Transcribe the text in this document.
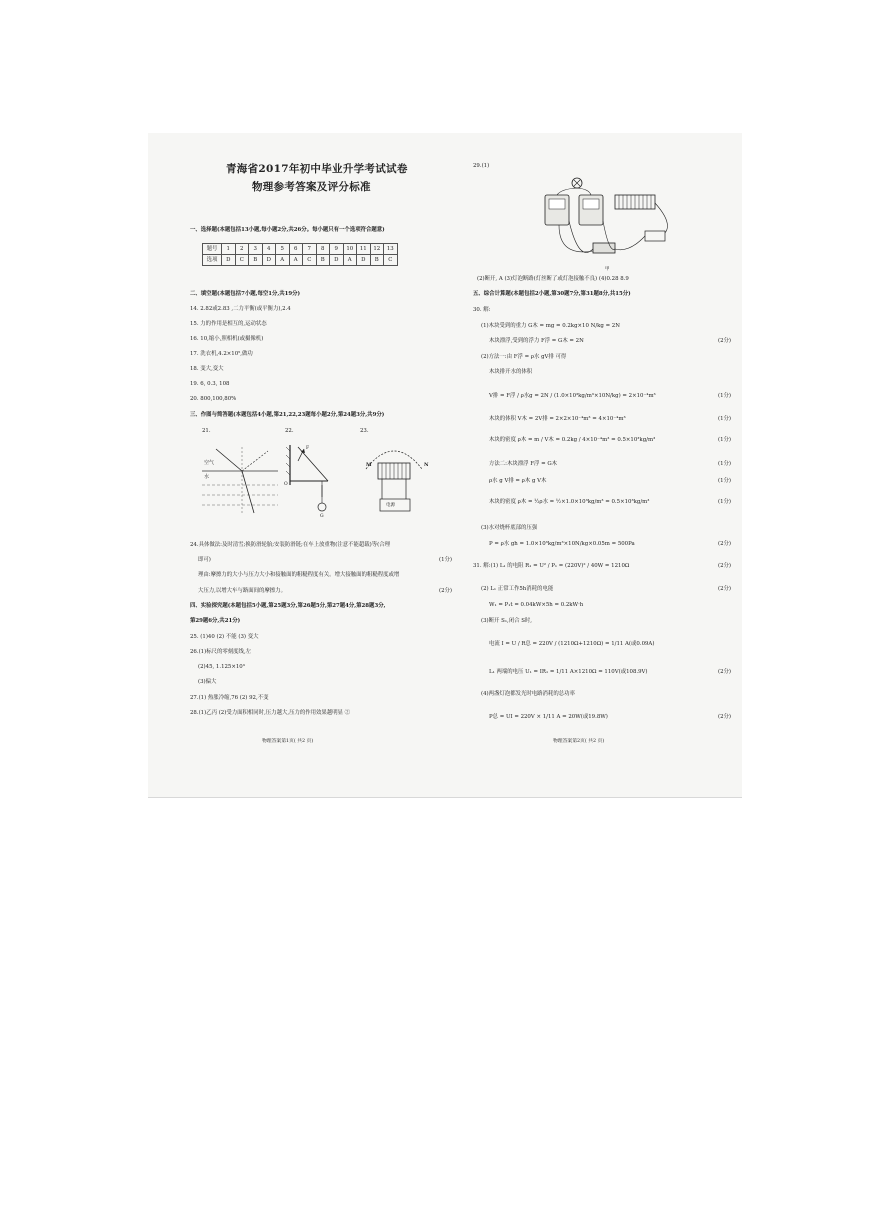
青海省2017年初中毕业升学考试试卷
物理参考答案及评分标准
一、选择题(本题包括13小题,每小题2分,共26分。每小题只有一个选项符合题意)
题号	1	2	3	4	5	6	7	8	9	10	11	12	13
选项	D	C	B	D	A	A	C	B	D	A	D	B	C
二、填空题(本题包括7小题,每空1分,共19分)
14. 2.82或2.83 ,二力平衡(或平衡力),2.4
15. 力的作用是相互的,运动状态
16. 10,缩小,照相机(或摄像机)
17. 洗衣机,4.2×10⁵,做功
18. 变大,变大
19. 6, 0.3, 108
20. 800,100,80%
三、作图与简答题(本题包括4小题,第21,22,23题每小题2分,第24题3分,共9分)
21.	22.	23.
空气
水
F
O
G
M	N
电源
24.具体做法:及时清雪;换防滑轮胎;安装防滑链;在车上放重物(注意不能超载)等(合理
即可)	(1分)
理由:摩擦力的大小与压力大小和接触面的粗糙程度有关。增大接触面的粗糙程度或增
大压力,以增大车与路面间的摩擦力。	(2分)
四、实验探究题(本题包括5小题,第25题3分,第26题5分,第27题4分,第28题3分,
第29题6分,共21分)
25. (1)40 (2) 不能 (3) 变大
26.(1)标尺的零刻度线,左
(2)45, 1.125×10³
(3)偏大
27.(1) 热胀冷缩,76 (2) 92,不变
28.(1)乙丙 (2)受力面积相同时,压力越大,压力的作用效果越明显 ②
物理答案第1页( 共2 页)
29.(1)
甲
(2)断开, A (3)灯泡断路(灯丝断了或灯泡接触不良) (4)0.28 8.9
五、综合计算题(本题包括2小题,第30题7分,第31题8分,共15分)
30. 解:
(1)木块受到的重力 G木 = mg = 0.2kg×10 N/kg = 2N
木块漂浮,受到的浮力 F浮 = G木 = 2N	(2分)
(2)方法一:由 F浮 = ρ水 gV排 可得
木块排开水的体积
V排 = F浮 / ρ水g = 2N / (1.0×10³kg/m³×10N/kg) = 2×10⁻⁴m³	(1分)
木块的体积 V木 = 2V排 = 2×2×10⁻⁴m³ = 4×10⁻⁴m³	(1分)
木块的密度 ρ木 = m / V木 = 0.2kg / 4×10⁻⁴m³ = 0.5×10³kg/m³	(1分)
方法二:木块漂浮 F浮 = G木	(1分)
ρ水 g V排 = ρ木 g V木	(1分)
木块的密度 ρ木 = ½ρ水 = ½×1.0×10³kg/m³ = 0.5×10³kg/m³	(1分)
(3)水对烧杯底部的压强
P = ρ水 gh = 1.0×10³kg/m³×10N/kg×0.05m = 500Pa	(2分)
31. 解:(1) L₁ 的电阻 R₁ = U² / P₁ = (220V)² / 40W = 1210Ω	(2分)
(2) L₁ 正常工作5h消耗的电能	(2分)
W₁ = P₁t = 0.04kW×5h = 0.2kW·h
(3)断开 S₁,闭合 S时,
电流 I = U / R总 = 220V / (1210Ω+1210Ω) = 1/11 A(或0.09A)
L₁ 两端的电压 U₁ = IR₁ = 1/11 A×1210Ω = 110V(或108.9V)	(2分)
(4)两盏灯泡都发光时电路消耗的总功率
P总 = UI = 220V × 1/11 A = 20W(或19.8W)	(2分)
物理答案第2页( 共2 页)
